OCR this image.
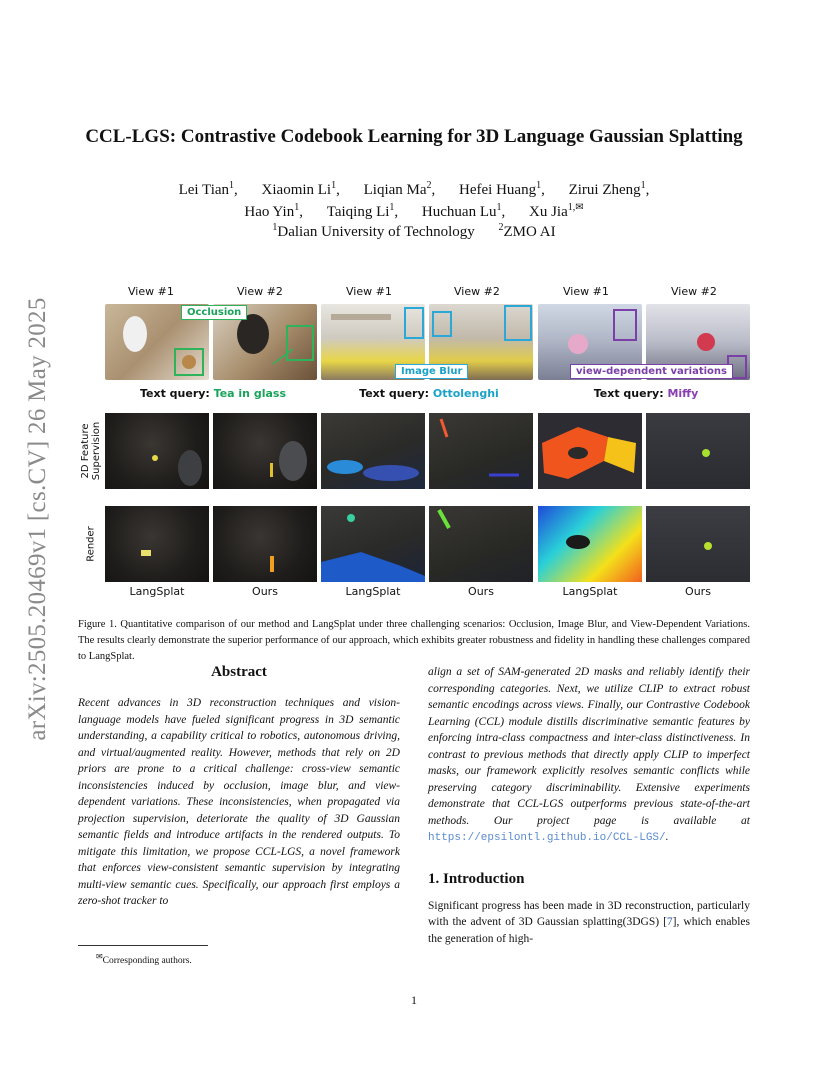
arXiv:2505.20469v1 [cs.CV] 26 May 2025
CCL-LGS: Contrastive Codebook Learning for 3D Language Gaussian Splatting
Lei Tian$^1$, Xiaomin Li$^1$, Liqian Ma$^2$, Hefei Huang$^1$, Zirui Zheng$^1$,
Hao Yin$^1$, Taiqing Li$^1$, Huchuan Lu$^1$, Xu Jia$^{1,✉}$
$^1$Dalian University of Technology $^2$ZMO AI
View #1	View #2	View #1	View #2	View #1	View #2
Occlusion
Image Blur	view-dependent variations
Text query: Tea in glass	Text query: Ottolenghi	Text query: Miffy
2D Feature Supervision
Render
LangSplat	Ours	LangSplat	Ours	LangSplat	Ours
Figure 1. Quantitative comparison of our method and LangSplat under three challenging scenarios: Occlusion, Image Blur, and View-Dependent Variations. The results clearly demonstrate the superior performance of our approach, which exhibits greater robustness and fidelity in handling these challenges compared to LangSplat.
Abstract
Recent advances in 3D reconstruction techniques and vision-language models have fueled significant progress in 3D semantic understanding, a capability critical to robotics, autonomous driving, and virtual/augmented reality. However, methods that rely on 2D priors are prone to a critical challenge: cross-view semantic inconsistencies induced by occlusion, image blur, and view-dependent variations. These inconsistencies, when propagated via projection supervision, deteriorate the quality of 3D Gaussian semantic fields and introduce artifacts in the rendered outputs. To mitigate this limitation, we propose CCL-LGS, a novel framework that enforces view-consistent semantic supervision by integrating multi-view semantic cues. Specifically, our approach first employs a zero-shot tracker to
align a set of SAM-generated 2D masks and reliably identify their corresponding categories. Next, we utilize CLIP to extract robust semantic encodings across views. Finally, our Contrastive Codebook Learning (CCL) module distills discriminative semantic features by enforcing intra-class compactness and inter-class distinctiveness. In contrast to previous methods that directly apply CLIP to imperfect masks, our framework explicitly resolves semantic conflicts while preserving category discriminability. Extensive experiments demonstrate that CCL-LGS outperforms previous state-of-the-art methods. Our project page is available at https://epsilontl.github.io/CCL-LGS/.
1. Introduction
Significant progress has been made in 3D reconstruction, particularly with the advent of 3D Gaussian splatting(3DGS) [7], which enables the generation of high-
✉Corresponding authors.
1
